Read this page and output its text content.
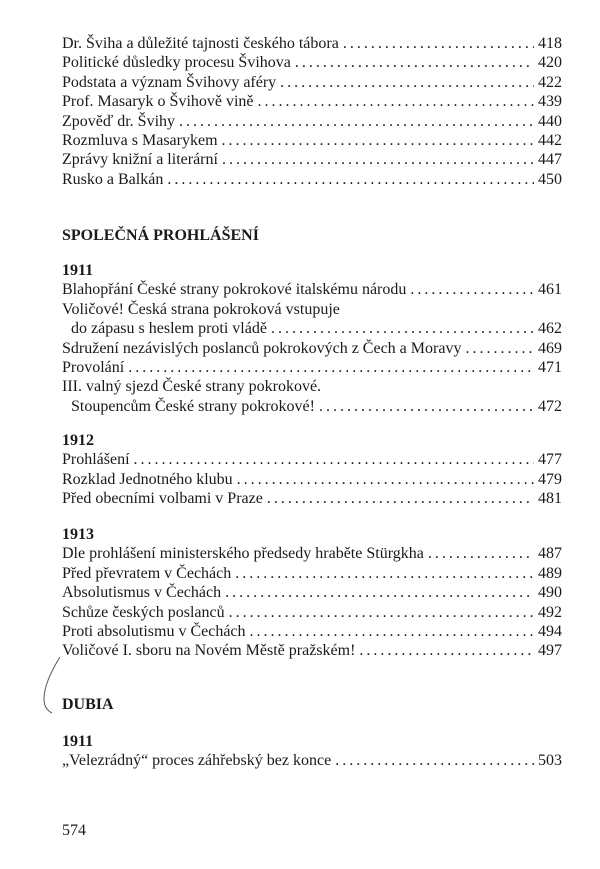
Dr. Šviha a důležité tajnosti českého tábora . . .	418
Politické důsledky procesu Švihova . . .	420
Podstata a význam Švihovy aféry . . .	422
Prof. Masaryk o Švihově vině . . .	439
Zpověď dr. Švihy . . .	440
Rozmluva s Masarykem . . .	442
Zprávy knižní a literární . . .	447
Rusko a Balkán . . .	450
SPOLEČNÁ PROHLÁŠENÍ
1911
Blahopřání České strany pokrokové italskému národu . . .	461
Voličové! Česká strana pokroková vstupuje
do zápasu s heslem proti vládě . . .	462
Sdružení nezávislých poslanců pokrokových z Čech a Moravy . . .	469
Provolání . . .	471
III. valný sjezd České strany pokrokové.
Stoupencům České strany pokrokové! . . .	472
1912
Prohlášení . . .	477
Rozklad Jednotného klubu . . .	479
Před obecními volbami v Praze . . .	481
1913
Dle prohlášení ministerského předsedy hraběte Stürgkha . . .	487
Před převratem v Čechách . . .	489
Absolutismus v Čechách . . .	490
Schůze českých poslanců . . .	492
Proti absolutismu v Čechách . . .	494
Voličové I. sboru na Novém Městě pražském! . . .	497
DUBIA
1911
„Velezrádný“ proces záhřebský bez konce . . .	503
574
